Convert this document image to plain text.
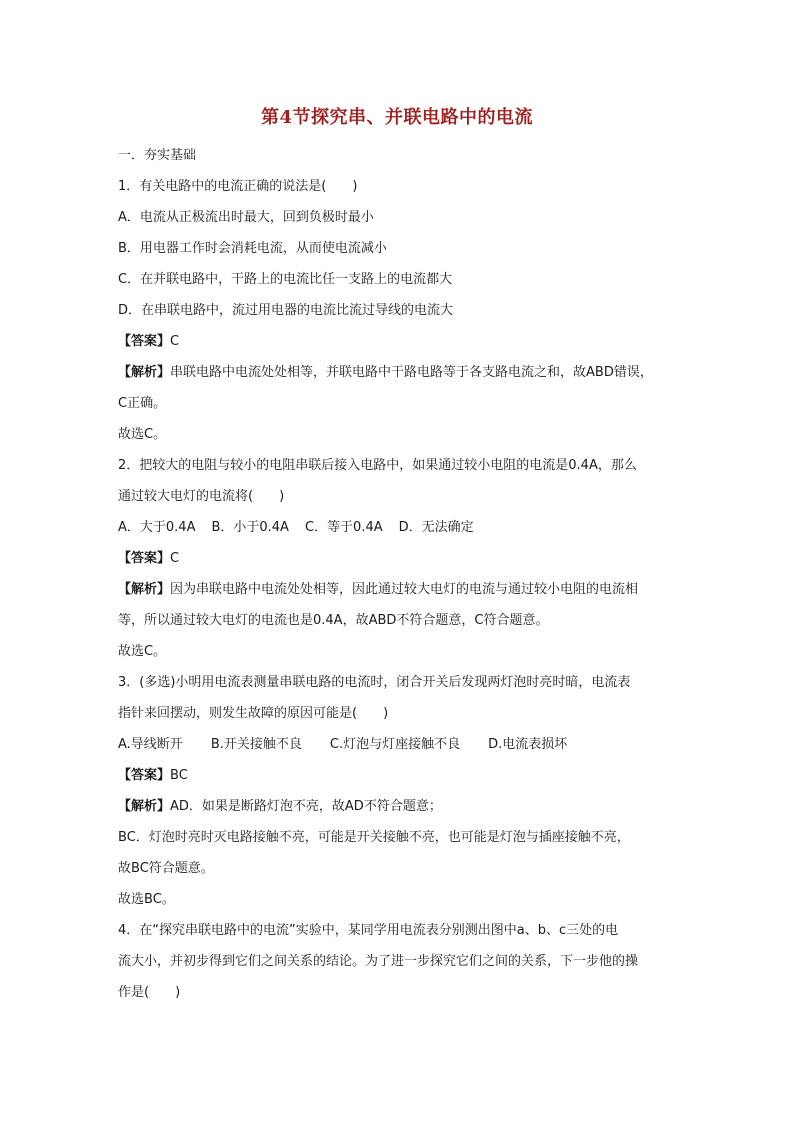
第4节探究串、并联电路中的电流
一．夯实基础
1．有关电路中的电流正确的说法是(　　)
A．电流从正极流出时最大，回到负极时最小
B．用电器工作时会消耗电流，从而使电流减小
C．在并联电路中，干路上的电流比任一支路上的电流都大
D．在串联电路中，流过用电器的电流比流过导线的电流大
【答案】C
【解析】串联电路中电流处处相等，并联电路中干路电路等于各支路电流之和，故ABD错误，
C正确。
故选C。
2．把较大的电阻与较小的电阻串联后接入电路中，如果通过较小电阻的电流是0.4A，那么
通过较大电灯的电流将(　　)
A．大于0.4A B．小于0.4A C．等于0.4A D．无法确定
【答案】C
【解析】因为串联电路中电流处处相等，因此通过较大电灯的电流与通过较小电阻的电流相
等，所以通过较大电灯的电流也是0.4A，故ABD不符合题意，C符合题意。
故选C。
3．(多选)小明用电流表测量串联电路的电流时，闭合开关后发现两灯泡时亮时暗，电流表
指针来回摆动，则发生故障的原因可能是(　　)
A.导线断开 B.开关接触不良 C.灯泡与灯座接触不良 D.电流表损坏
【答案】BC
【解析】AD．如果是断路灯泡不亮，故AD不符合题意；
BC．灯泡时亮时灭电路接触不亮，可能是开关接触不亮，也可能是灯泡与插座接触不亮，
故BC符合题意。
故选BC。
4．在“探究串联电路中的电流”实验中，某同学用电流表分别测出图中a、b、c三处的电
流大小，并初步得到它们之间关系的结论。为了进一步探究它们之间的关系，下一步他的操
作是(　　)
